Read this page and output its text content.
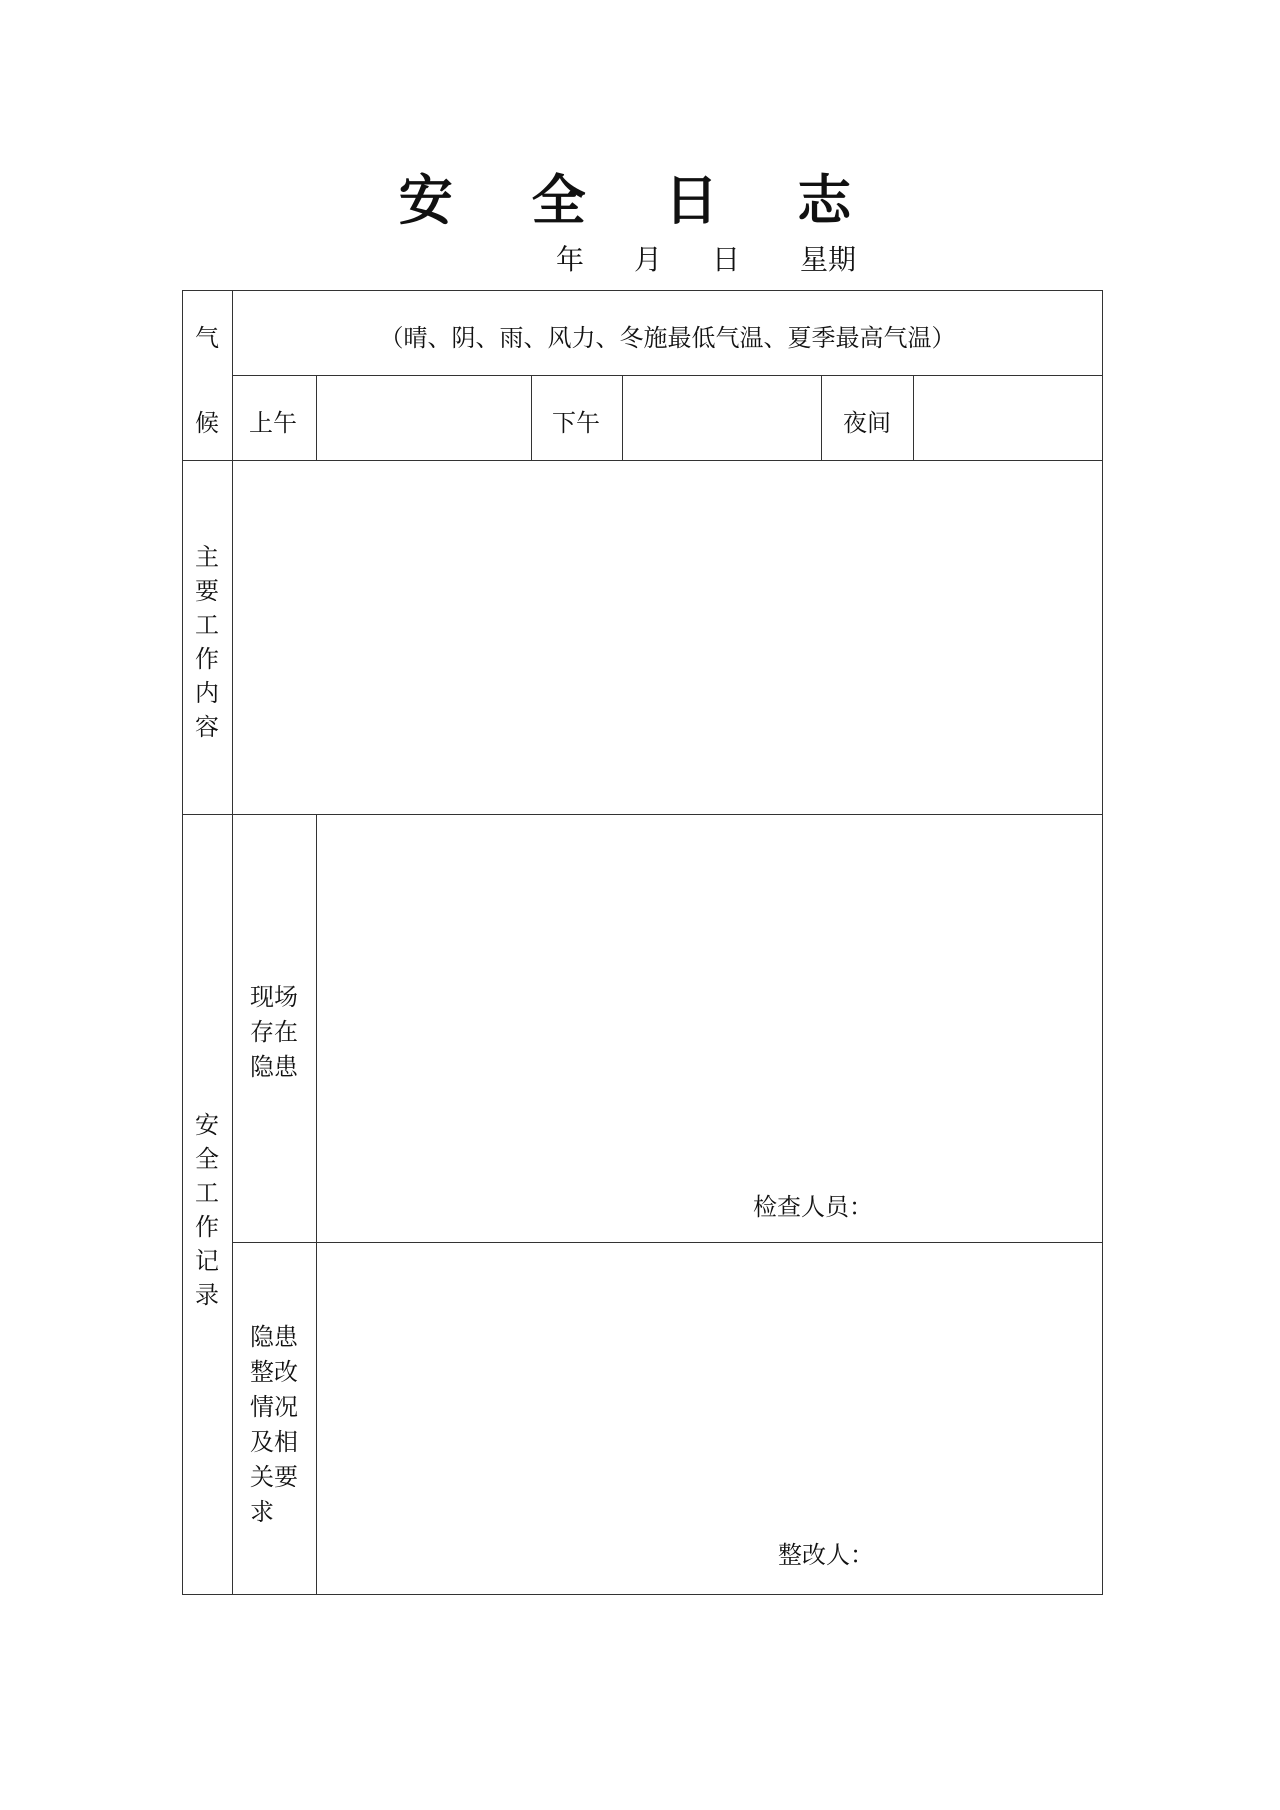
安 全 日 志
年 月 日 星期
气
候
（晴、阴、雨、风力、冬施最低气温、夏季最高气温）
上午	下午	夜间
主要工作内容
安全工作记录
现场存在隐患
检查人员：
隐患整改情况及相关要求
整改人：
